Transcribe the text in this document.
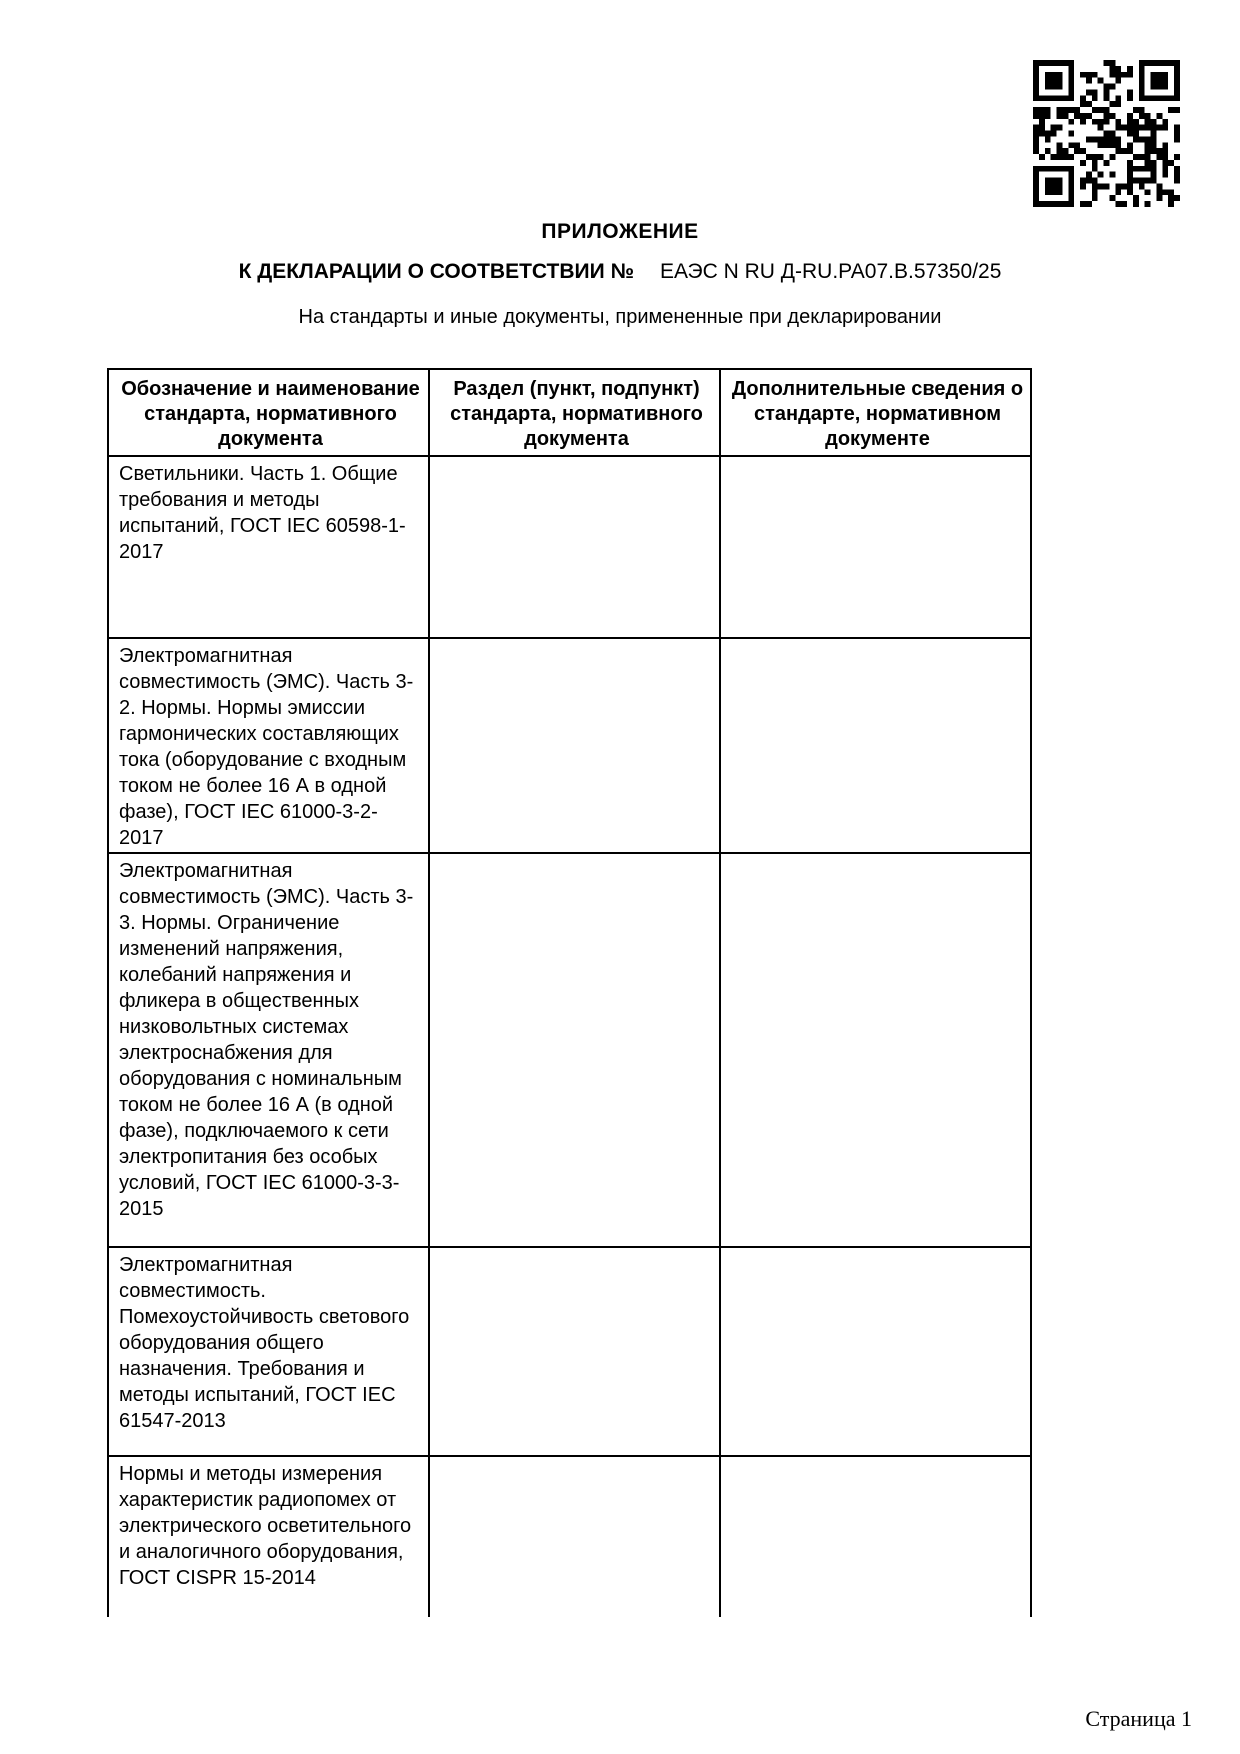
ПРИЛОЖЕНИЕ
К ДЕКЛАРАЦИИ О СООТВЕТСТВИИ № ЕАЭС N RU Д-RU.РА07.В.57350/25
На стандарты и иные документы, примененные при декларировании
Обозначение и наименование стандарта, нормативного документа
Раздел (пункт, подпункт) стандарта, нормативного документа
Дополнительные сведения о стандарте, нормативном документе
Светильники. Часть 1. Общие требования и методы испытаний, ГОСТ IEC 60598-1-2017
Электромагнитная совместимость (ЭМС). Часть 3-2. Нормы. Нормы эмиссии гармонических составляющих тока (оборудование с входным током не более 16 А в одной фазе), ГОСТ IEC 61000-3-2-2017
Электромагнитная совместимость (ЭМС). Часть 3-3. Нормы. Ограничение изменений напряжения, колебаний напряжения и фликера в общественных низковольтных системах электроснабжения для оборудования с номинальным током не более 16 А (в одной фазе), подключаемого к сети электропитания без особых условий, ГОСТ IEC 61000-3-3-2015
Электромагнитная совместимость. Помехоустойчивость светового оборудования общего назначения. Требования и методы испытаний, ГОСТ IEC 61547-2013
Нормы и методы измерения характеристик радиопомех от электрического осветительного и аналогичного оборудования, ГОСТ CISPR 15-2014
Страница 1
